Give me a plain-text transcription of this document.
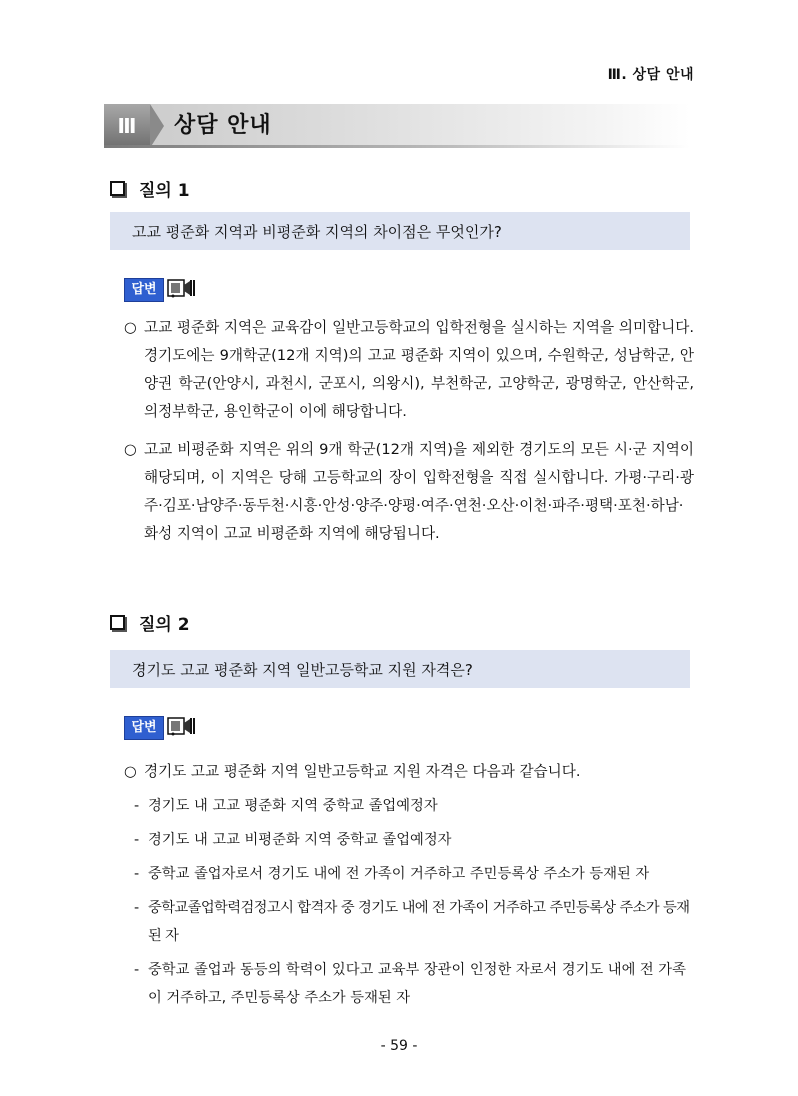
Ⅲ. 상담 안내
Ⅲ	상담 안내
질의 1
고교 평준화 지역과 비평준화 지역의 차이점은 무엇인가?
답변
○ 고교 평준화 지역은 교육감이 일반고등학교의 입학전형을 실시하는 지역을 의미합니다. 경기도에는 9개학군(12개 지역)의 고교 평준화 지역이 있으며, 수원학군, 성남학군, 안양권 학군(안양시, 과천시, 군포시, 의왕시), 부천학군, 고양학군, 광명학군, 안산학군, 의정부학군, 용인학군이 이에 해당합니다.
○ 고교 비평준화 지역은 위의 9개 학군(12개 지역)을 제외한 경기도의 모든 시·군 지역이 해당되며, 이 지역은 당해 고등학교의 장이 입학전형을 직접 실시합니다. 가평·구리·광주·김포·남양주·동두천·시흥·안성·양주·양평·여주·연천·오산·이천·파주·평택·포천·하남·화성 지역이 고교 비평준화 지역에 해당됩니다.
질의 2
경기도 고교 평준화 지역 일반고등학교 지원 자격은?
답변
○ 경기도 고교 평준화 지역 일반고등학교 지원 자격은 다음과 같습니다.
- 경기도 내 고교 평준화 지역 중학교 졸업예정자
- 경기도 내 고교 비평준화 지역 중학교 졸업예정자
- 중학교 졸업자로서 경기도 내에 전 가족이 거주하고 주민등록상 주소가 등재된 자
- 중학교졸업학력검정고시 합격자 중 경기도 내에 전 가족이 거주하고 주민등록상 주소가 등재된 자
- 중학교 졸업과 동등의 학력이 있다고 교육부 장관이 인정한 자로서 경기도 내에 전 가족이 거주하고, 주민등록상 주소가 등재된 자
- 59 -
